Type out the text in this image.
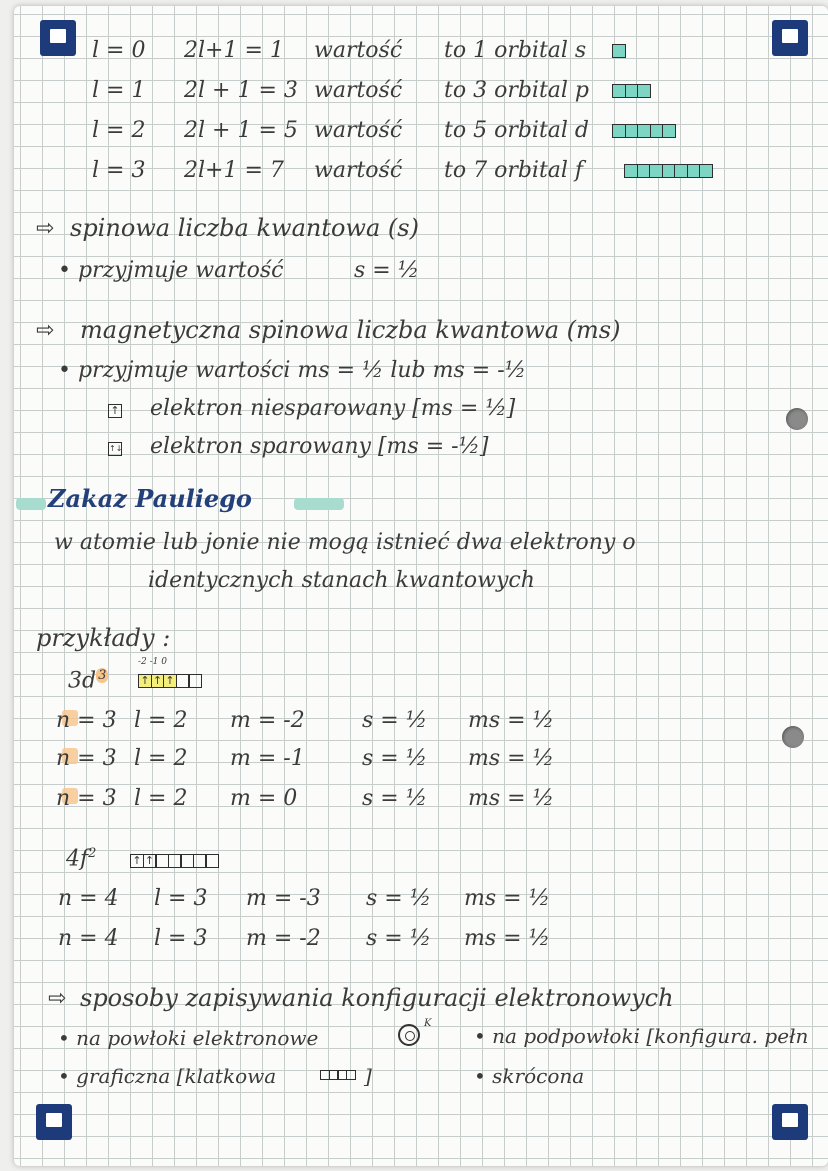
l = 0 2l+1 = 1 wartość to 1 orbital s
l = 1 2l + 1 = 3 wartość to 3 orbital p
l = 2 2l + 1 = 5 wartość to 5 orbital d
l = 3 2l+1 = 7 wartość to 7 orbital f
⇨ spinowa liczba kwantowa (s)
• przyjmuje wartość	s = ½
⇨ magnetyczna spinowa liczba kwantowa (ms)
• przyjmuje wartości ms = ½ lub ms = -½
↑ elektron niesparowany [ms = ½]
↑↓ elektron sparowany [ms = -½]
Zakaz Pauliego
w atomie lub jonie nie mogą istnieć dwa elektrony o
identycznych stanach kwantowych
przykłady :
3d $^3$
-2 -1 0
↑ ↑ ↑
n = 3 l = 2 m = -2	s = ½ ms = ½
n = 3 l = 2 m = -1	s = ½ ms = ½
n = 3 l = 2 m = 0	s = ½ ms = ½
$4f^2$	↑ ↑
n = 4 l = 3 m = -3 s = ½ ms = ½
n = 4 l = 3 m = -2 s = ½ ms = ½
⇨ sposoby zapisywania konfiguracji elektronowych
• na powłoki elektronowe
K
• na podpowłoki [konfigura. pełn
• graficzna [klatkowa	]	• skrócona
